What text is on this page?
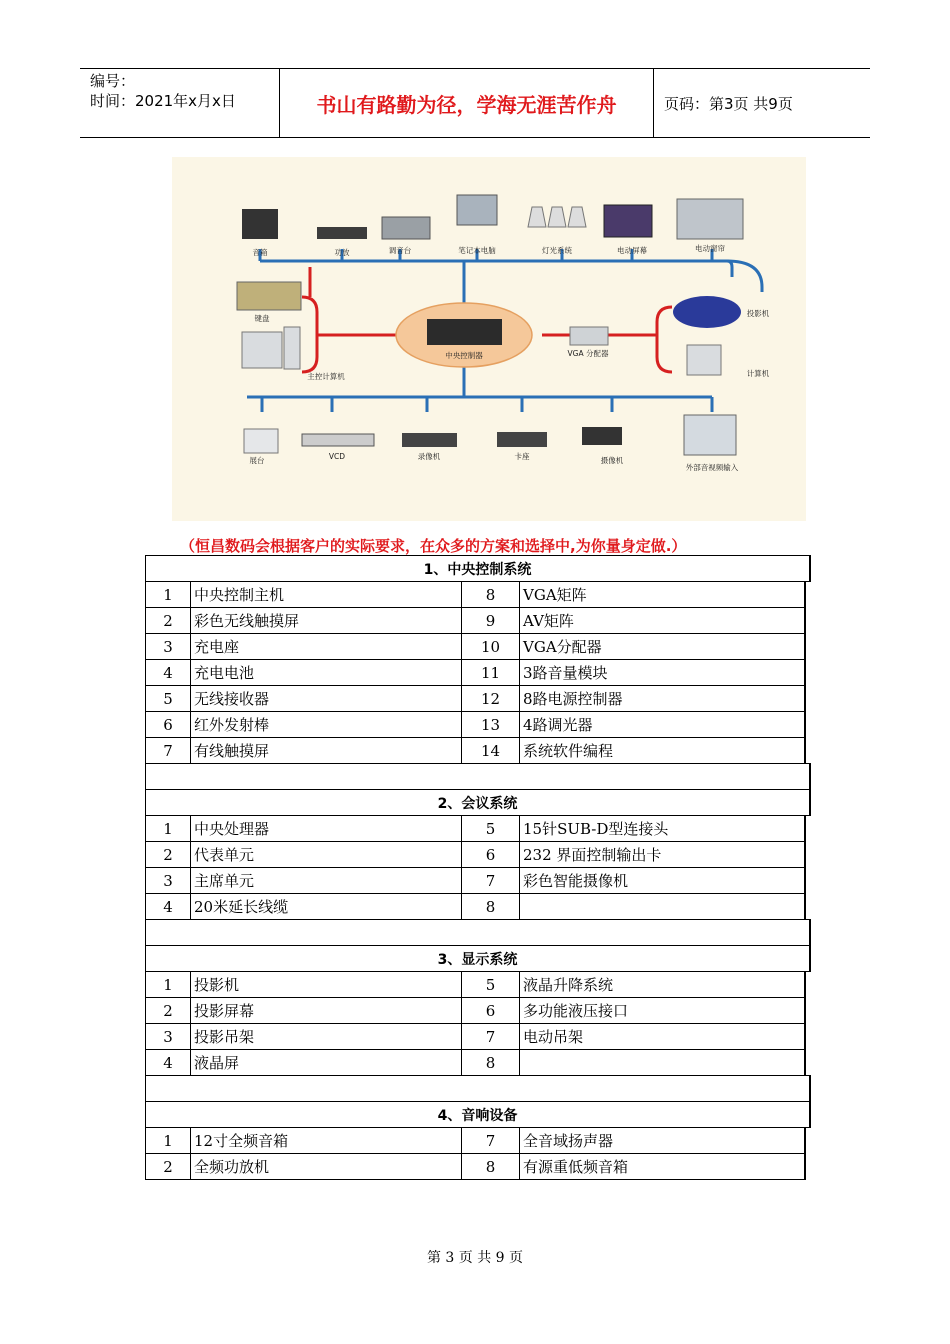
编号：
时间：2021年x月x日	书山有路勤为径，学海无涯苦作舟	页码：第3页 共9页
中央控制器	VGA 分配器
音箱	功放	调音台	笔记本电脑	灯光系统	电动屏幕	电动窗帘
键盘
主控计算机
投影机
计算机
展台	VCD	录像机	卡座	摄像机
外部音视频输入
（恒昌数码会根据客户的实际要求，在众多的方案和选择中,为你量身定做.）
1、中央控制系统
1	中央控制主机	8	VGA矩阵
2	彩色无线触摸屏	9	AV矩阵
3	充电座	10	VGA分配器
4	充电电池	11	3路音量模块
5	无线接收器	12	8路电源控制器
6	红外发射棒	13	4路调光器
7	有线触摸屏	14	系统软件编程
2、会议系统
1	中央处理器	5	15针SUB-D型连接头
2	代表单元	6	232 界面控制输出卡
3	主席单元	7	彩色智能摄像机
4	20米延长线缆	8
3、显示系统
1	投影机	5	液晶升降系统
2	投影屏幕	6	多功能液压接口
3	投影吊架	7	电动吊架
4	液晶屏	8
4、音响设备
1	12寸全频音箱	7	全音域扬声器
2	全频功放机	8	有源重低频音箱
第 3 页 共 9 页
